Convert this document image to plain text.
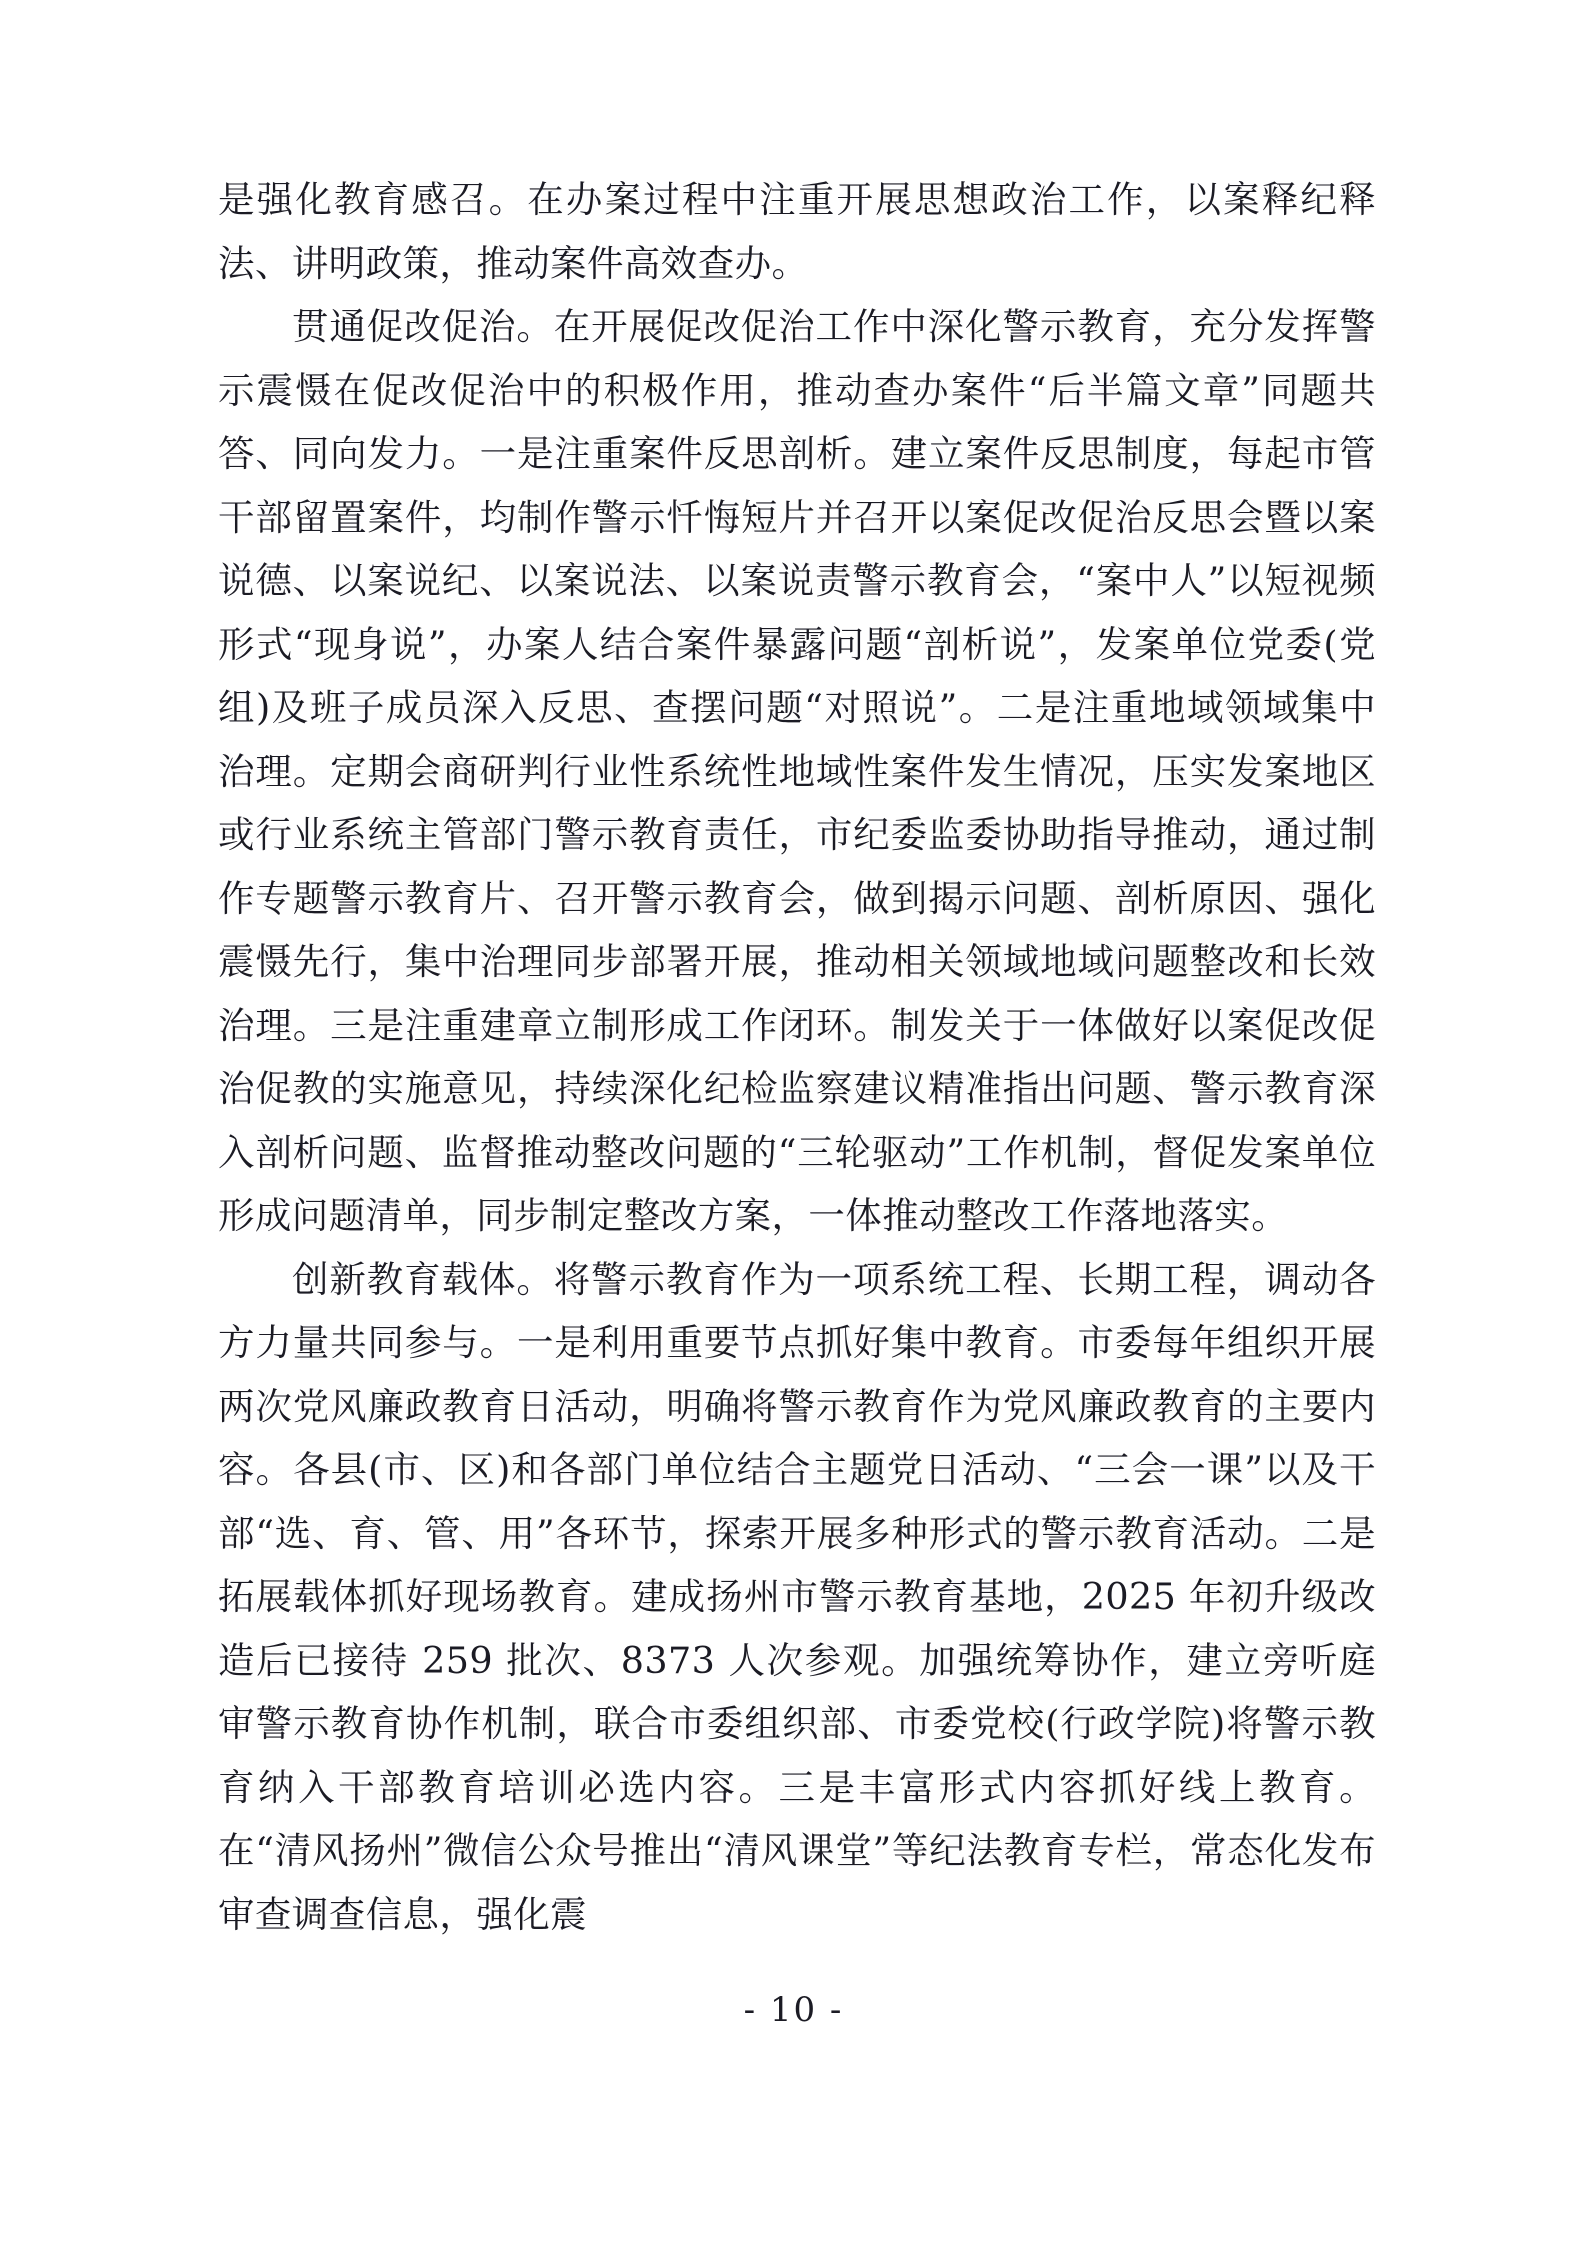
是强化教育感召。在办案过程中注重开展思想政治工作，以案释纪释法、讲明政策，推动案件高效查办。

贯通促改促治。在开展促改促治工作中深化警示教育，充分发挥警示震慑在促改促治中的积极作用，推动查办案件“后半篇文章”同题共答、同向发力。一是注重案件反思剖析。建立案件反思制度，每起市管干部留置案件，均制作警示忏悔短片并召开以案促改促治反思会暨以案说德、以案说纪、以案说法、以案说责警示教育会，“案中人”以短视频形式“现身说”，办案人结合案件暴露问题“剖析说”，发案单位党委(党组)及班子成员深入反思、查摆问题“对照说”。二是注重地域领域集中治理。定期会商研判行业性系统性地域性案件发生情况，压实发案地区或行业系统主管部门警示教育责任，市纪委监委协助指导推动，通过制作专题警示教育片、召开警示教育会，做到揭示问题、剖析原因、强化震慑先行，集中治理同步部署开展，推动相关领域地域问题整改和长效治理。三是注重建章立制形成工作闭环。制发关于一体做好以案促改促治促教的实施意见，持续深化纪检监察建议精准指出问题、警示教育深入剖析问题、监督推动整改问题的“三轮驱动”工作机制，督促发案单位形成问题清单，同步制定整改方案，一体推动整改工作落地落实。

创新教育载体。将警示教育作为一项系统工程、长期工程，调动各方力量共同参与。一是利用重要节点抓好集中教育。市委每年组织开展两次党风廉政教育日活动，明确将警示教育作为党风廉政教育的主要内容。各县(市、区)和各部门单位结合主题党日活动、“三会一课”以及干部“选、育、管、用”各环节，探索开展多种形式的警示教育活动。二是拓展载体抓好现场教育。建成扬州市警示教育基地，2025 年初升级改造后已接待 259 批次、8373 人次参观。加强统筹协作，建立旁听庭审警示教育协作机制，联合市委组织部、市委党校(行政学院)将警示教育纳入干部教育培训必选内容。三是丰富形式内容抓好线上教育。在“清风扬州”微信公众号推出“清风课堂”等纪法教育专栏，常态化发布审查调查信息，强化震

- 10 -
